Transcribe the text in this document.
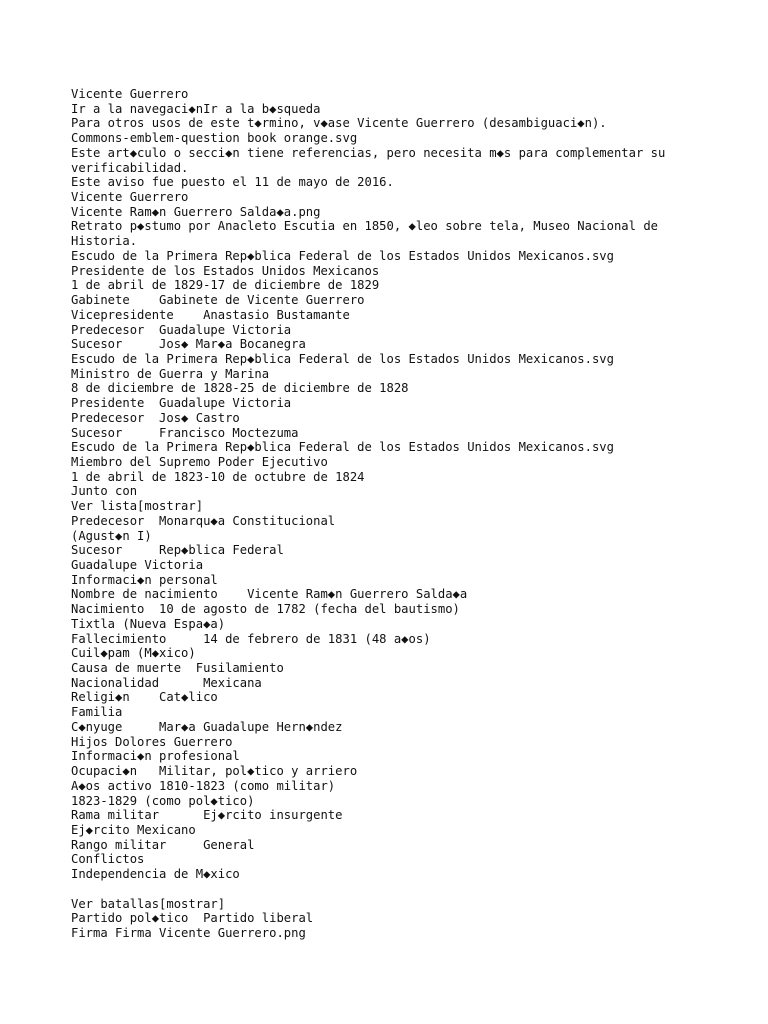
Vicente Guerrero
Ir a la navegaci◆nIr a la b◆squeda
Para otros usos de este t◆rmino, v◆ase Vicente Guerrero (desambiguaci◆n).
Commons-emblem-question book orange.svg
Este art◆culo o secci◆n tiene referencias, pero necesita m◆s para complementar su
verificabilidad.
Este aviso fue puesto el 11 de mayo de 2016.
Vicente Guerrero
Vicente Ram◆n Guerrero Salda◆a.png
Retrato p◆stumo por Anacleto Escutia en 1850, ◆leo sobre tela, Museo Nacional de
Historia.
Escudo de la Primera Rep◆blica Federal de los Estados Unidos Mexicanos.svg
Presidente de los Estados Unidos Mexicanos
1 de abril de 1829-17 de diciembre de 1829
Gabinete    Gabinete de Vicente Guerrero
Vicepresidente    Anastasio Bustamante
Predecesor  Guadalupe Victoria
Sucesor     Jos◆ Mar◆a Bocanegra
Escudo de la Primera Rep◆blica Federal de los Estados Unidos Mexicanos.svg
Ministro de Guerra y Marina
8 de diciembre de 1828-25 de diciembre de 1828
Presidente  Guadalupe Victoria
Predecesor  Jos◆ Castro
Sucesor     Francisco Moctezuma
Escudo de la Primera Rep◆blica Federal de los Estados Unidos Mexicanos.svg
Miembro del Supremo Poder Ejecutivo
1 de abril de 1823-10 de octubre de 1824
Junto con
Ver lista[mostrar]
Predecesor  Monarqu◆a Constitucional
(Agust◆n I)
Sucesor     Rep◆blica Federal
Guadalupe Victoria
Informaci◆n personal
Nombre de nacimiento    Vicente Ram◆n Guerrero Salda◆a
Nacimiento  10 de agosto de 1782 (fecha del bautismo)
Tixtla (Nueva Espa◆a)
Fallecimiento     14 de febrero de 1831 (48 a◆os)
Cuil◆pam (M◆xico)
Causa de muerte  Fusilamiento
Nacionalidad      Mexicana
Religi◆n    Cat◆lico
Familia
C◆nyuge     Mar◆a Guadalupe Hern◆ndez
Hijos Dolores Guerrero
Informaci◆n profesional
Ocupaci◆n   Militar, pol◆tico y arriero
A◆os activo 1810-1823 (como militar)
1823-1829 (como pol◆tico)
Rama militar      Ej◆rcito insurgente
Ej◆rcito Mexicano
Rango militar     General
Conflictos
Independencia de M◆xico
Ver batallas[mostrar]
Partido pol◆tico  Partido liberal
Firma Firma Vicente Guerrero.png
